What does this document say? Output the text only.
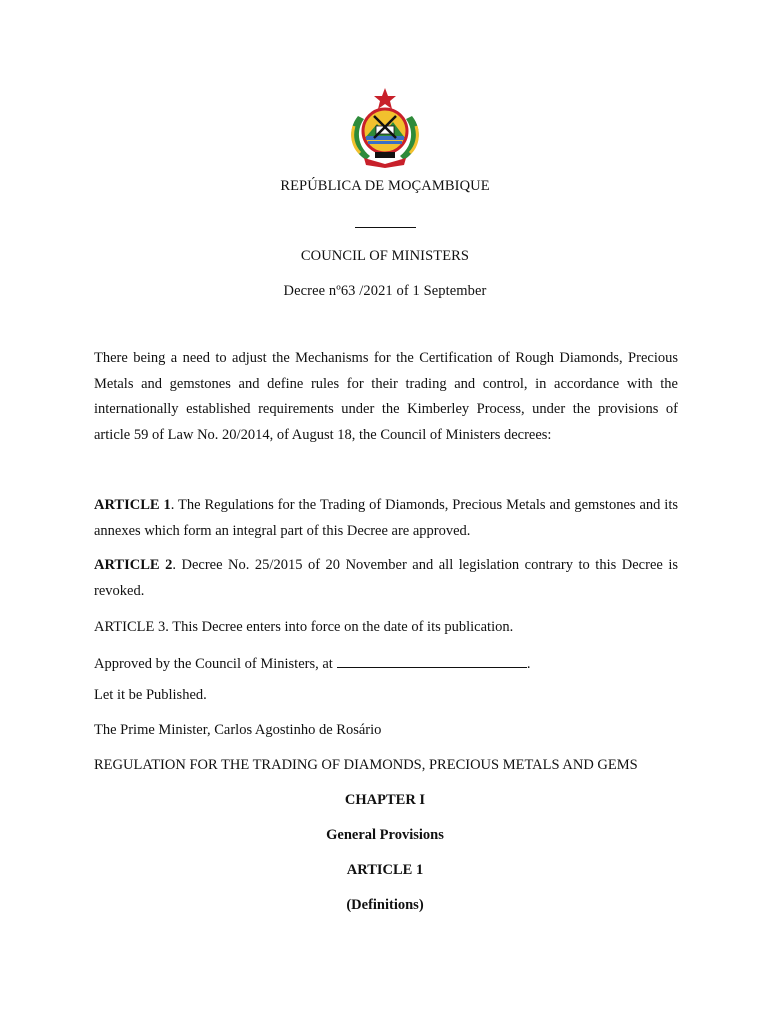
REPÚBLICA DE MOÇAMBIQUE
COUNCIL OF MINISTERS
Decree nº63 /2021 of 1 September
There being a need to adjust the Mechanisms for the Certification of Rough Diamonds, Precious Metals and gemstones and define rules for their trading and control, in accordance with the internationally established requirements under the Kimberley Process, under the provisions of article 59 of Law No. 20/2014, of August 18, the Council of Ministers decrees:
ARTICLE 1. The Regulations for the Trading of Diamonds, Precious Metals and gemstones and its annexes which form an integral part of this Decree are approved.
ARTICLE 2. Decree No. 25/2015 of 20 November and all legislation contrary to this Decree is revoked.
ARTICLE 3. This Decree enters into force on the date of its publication.
Approved by the Council of Ministers, at	.
Let it be Published.
The Prime Minister, Carlos Agostinho de Rosário
REGULATION FOR THE TRADING OF DIAMONDS, PRECIOUS METALS AND GEMS
CHAPTER I
General Provisions
ARTICLE 1
(Definitions)
